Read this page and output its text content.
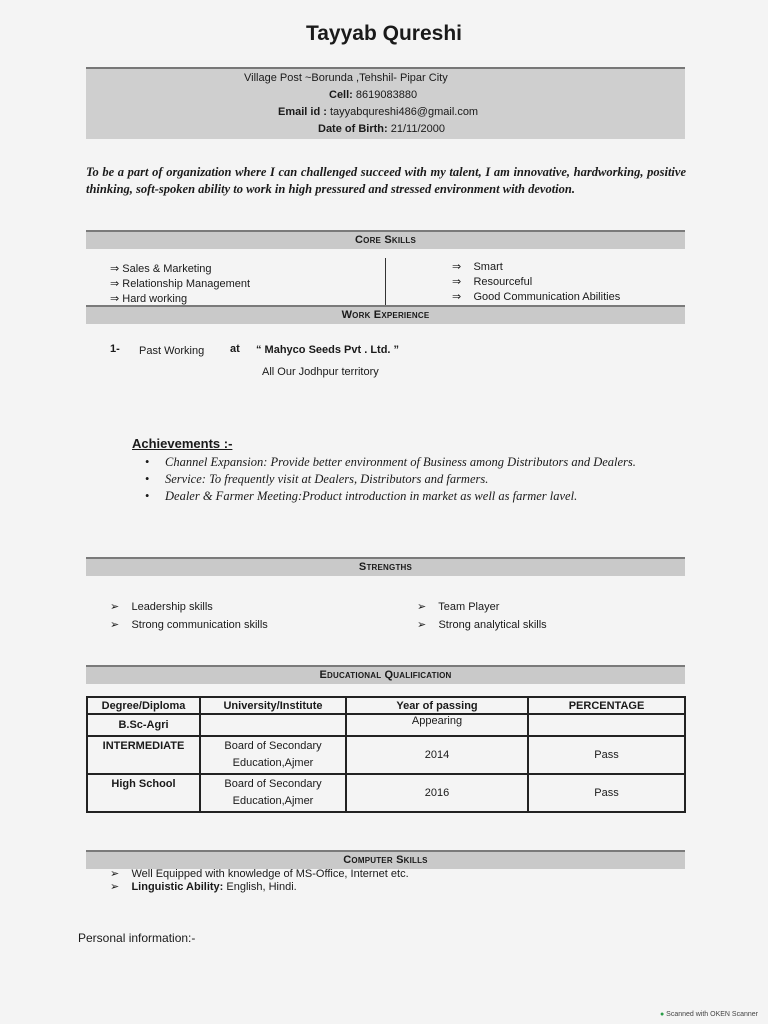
Tayyab Qureshi
Village Post ~Borunda ,Tehshil- Pipar City
Cell: 8619083880
Email id : tayyabqureshi486@gmail.com
Date of Birth: 21/11/2000
To be a part of organization where I can challenged succeed with my talent, I am innovative, hardworking, positive thinking, soft-spoken ability to work in high pressured and stressed environment with devotion.
Core Skills
⇒ Sales & Marketing
⇒ Relationship Management
⇒ Hard working
⇒    Smart
⇒    Resourceful
⇒    Good Communication Abilities
Work Experience
1- Past Working at “ Mahyco Seeds Pvt . Ltd. ”
All Our Jodhpur territory
Achievements :-
• Channel Expansion: Provide better environment of Business among Distributors and Dealers.
• Service: To frequently visit at Dealers, Distributors and farmers.
• Dealer & Farmer Meeting:Product introduction in market as well as farmer lavel.
Strengths
➢    Leadership skills
➢    Strong communication skills
➢    Team Player
➢    Strong analytical skills
Educational Qualification
Degree/Diploma	University/Institute	Year of passing	PERCENTAGE
B.Sc-Agri		Appearing	
INTERMEDIATE	Board of Secondary Education,Ajmer	2014	Pass
High School	Board of Secondary Education,Ajmer	2016	Pass
Computer Skills
➢    Well Equipped with knowledge of MS-Office, Internet etc.
➢    Linguistic Ability: English, Hindi.
Personal information:-
● Scanned with OKEN Scanner
